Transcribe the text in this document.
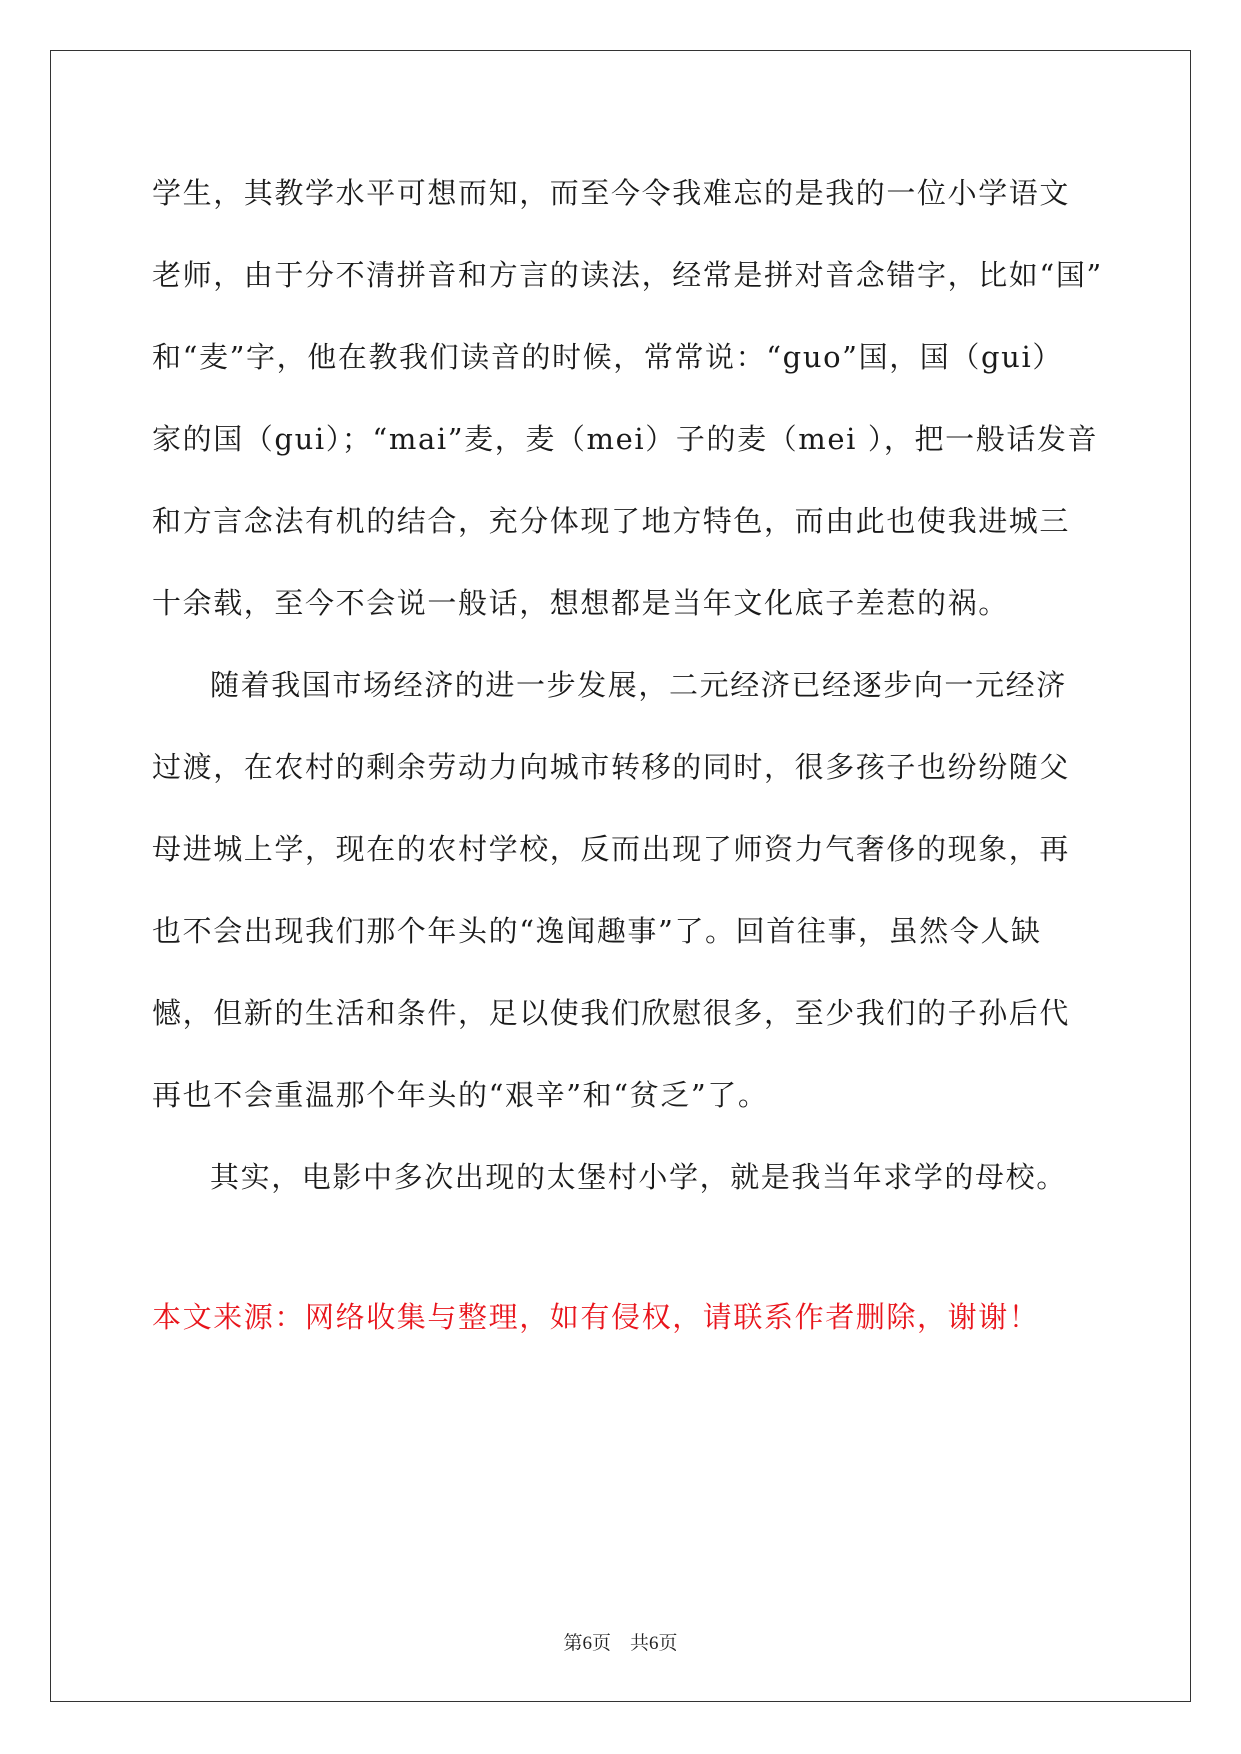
学生，其教学水平可想而知，而至今令我难忘的是我的一位小学语文
老师，由于分不清拼音和方言的读法，经常是拼对音念错字，比如“国”
和“麦”字，他在教我们读音的时候，常常说：“guo”国，国（gui）
家的国（gui）；“mai”麦，麦（mei）子的麦（mei ），把一般话发音
和方言念法有机的结合，充分体现了地方特色，而由此也使我进城三
十余载，至今不会说一般话，想想都是当年文化底子差惹的祸。
随着我国市场经济的进一步发展，二元经济已经逐步向一元经济
过渡，在农村的剩余劳动力向城市转移的同时，很多孩子也纷纷随父
母进城上学，现在的农村学校，反而出现了师资力气奢侈的现象，再
也不会出现我们那个年头的“逸闻趣事”了。回首往事，虽然令人缺
憾，但新的生活和条件，足以使我们欣慰很多，至少我们的子孙后代
再也不会重温那个年头的“艰辛”和“贫乏”了。
其实，电影中多次出现的太堡村小学，就是我当年求学的母校。
本文来源：网络收集与整理，如有侵权，请联系作者删除，谢谢！
第6页　共6页
